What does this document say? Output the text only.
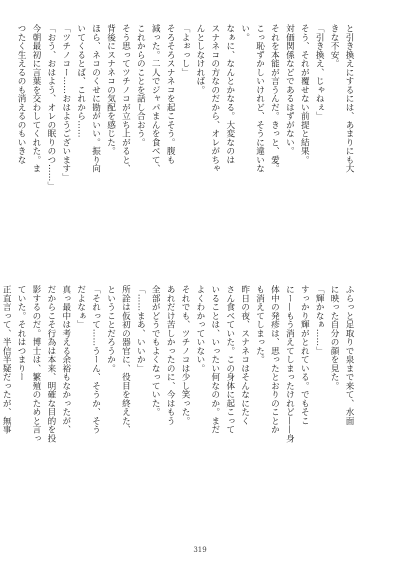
と引き換えにするには、あまりにも大
きな不安。
「引き換え、じゃねぇ」
そう、それが覆せない前提と結果。
対価関係などであるはずがない。
それを本能が言うんだ。きっと、愛。
こっ恥ずかしいけれど、そうに違いな
い。
なぁに、なんとかなる。大変なのは
スナネコの方なのだから、オレがちゃ
んとしなければ。
「よぉっし」
そろそろスナネコを起こそう。腹も
減った。二人でジャパまんを食べて、
これからのことを話し合おう。
そう思ってツチノコが立ち上がると、
背後にスナネコの気配を感じた。
ほら、ネコのくせに勘がいい。振り向
いてくるとば、これから……
「ツチノコー……おはようございます」
「おう、おはよう、オレの眠りのつ……」
今朝最初に言葉を交わしてくれた。ま
つたく生えるのも消えるのもいきな
ふらっと足取りで泉まで来て、水面
に映った自分の顔を見た。
「輝かなぁ……」
すっかり輝がとれている。でもそこ
にー—もう消えてしまったけれど——身
体中の発疹は、思ったとおりのことか
も消えてしまった。
昨日の夜、スナネコはそんなにたく
さん食べていた。この身体に起こって
いることは、いったい何なのか。まだ
よくわかっていない。
それでも、ツチノコは少し笑った。
あれだけ苦しかったのに、今はもう
全部がどうでもよくなっていた。
「……まあ、いいか」
所詮は仮初の器官に、役目を終えた、
ということだろうか。
「それって……うーん、そうか、そう
だよなぁ」
真っ最中は考える余裕もなかったが、
だからこそ行為は本来、明確な目的を投
影するのだ。博士は、繁殖のためと言っ
ていた。それはつまりー
正直言って、半信半疑だったが、無事
319
